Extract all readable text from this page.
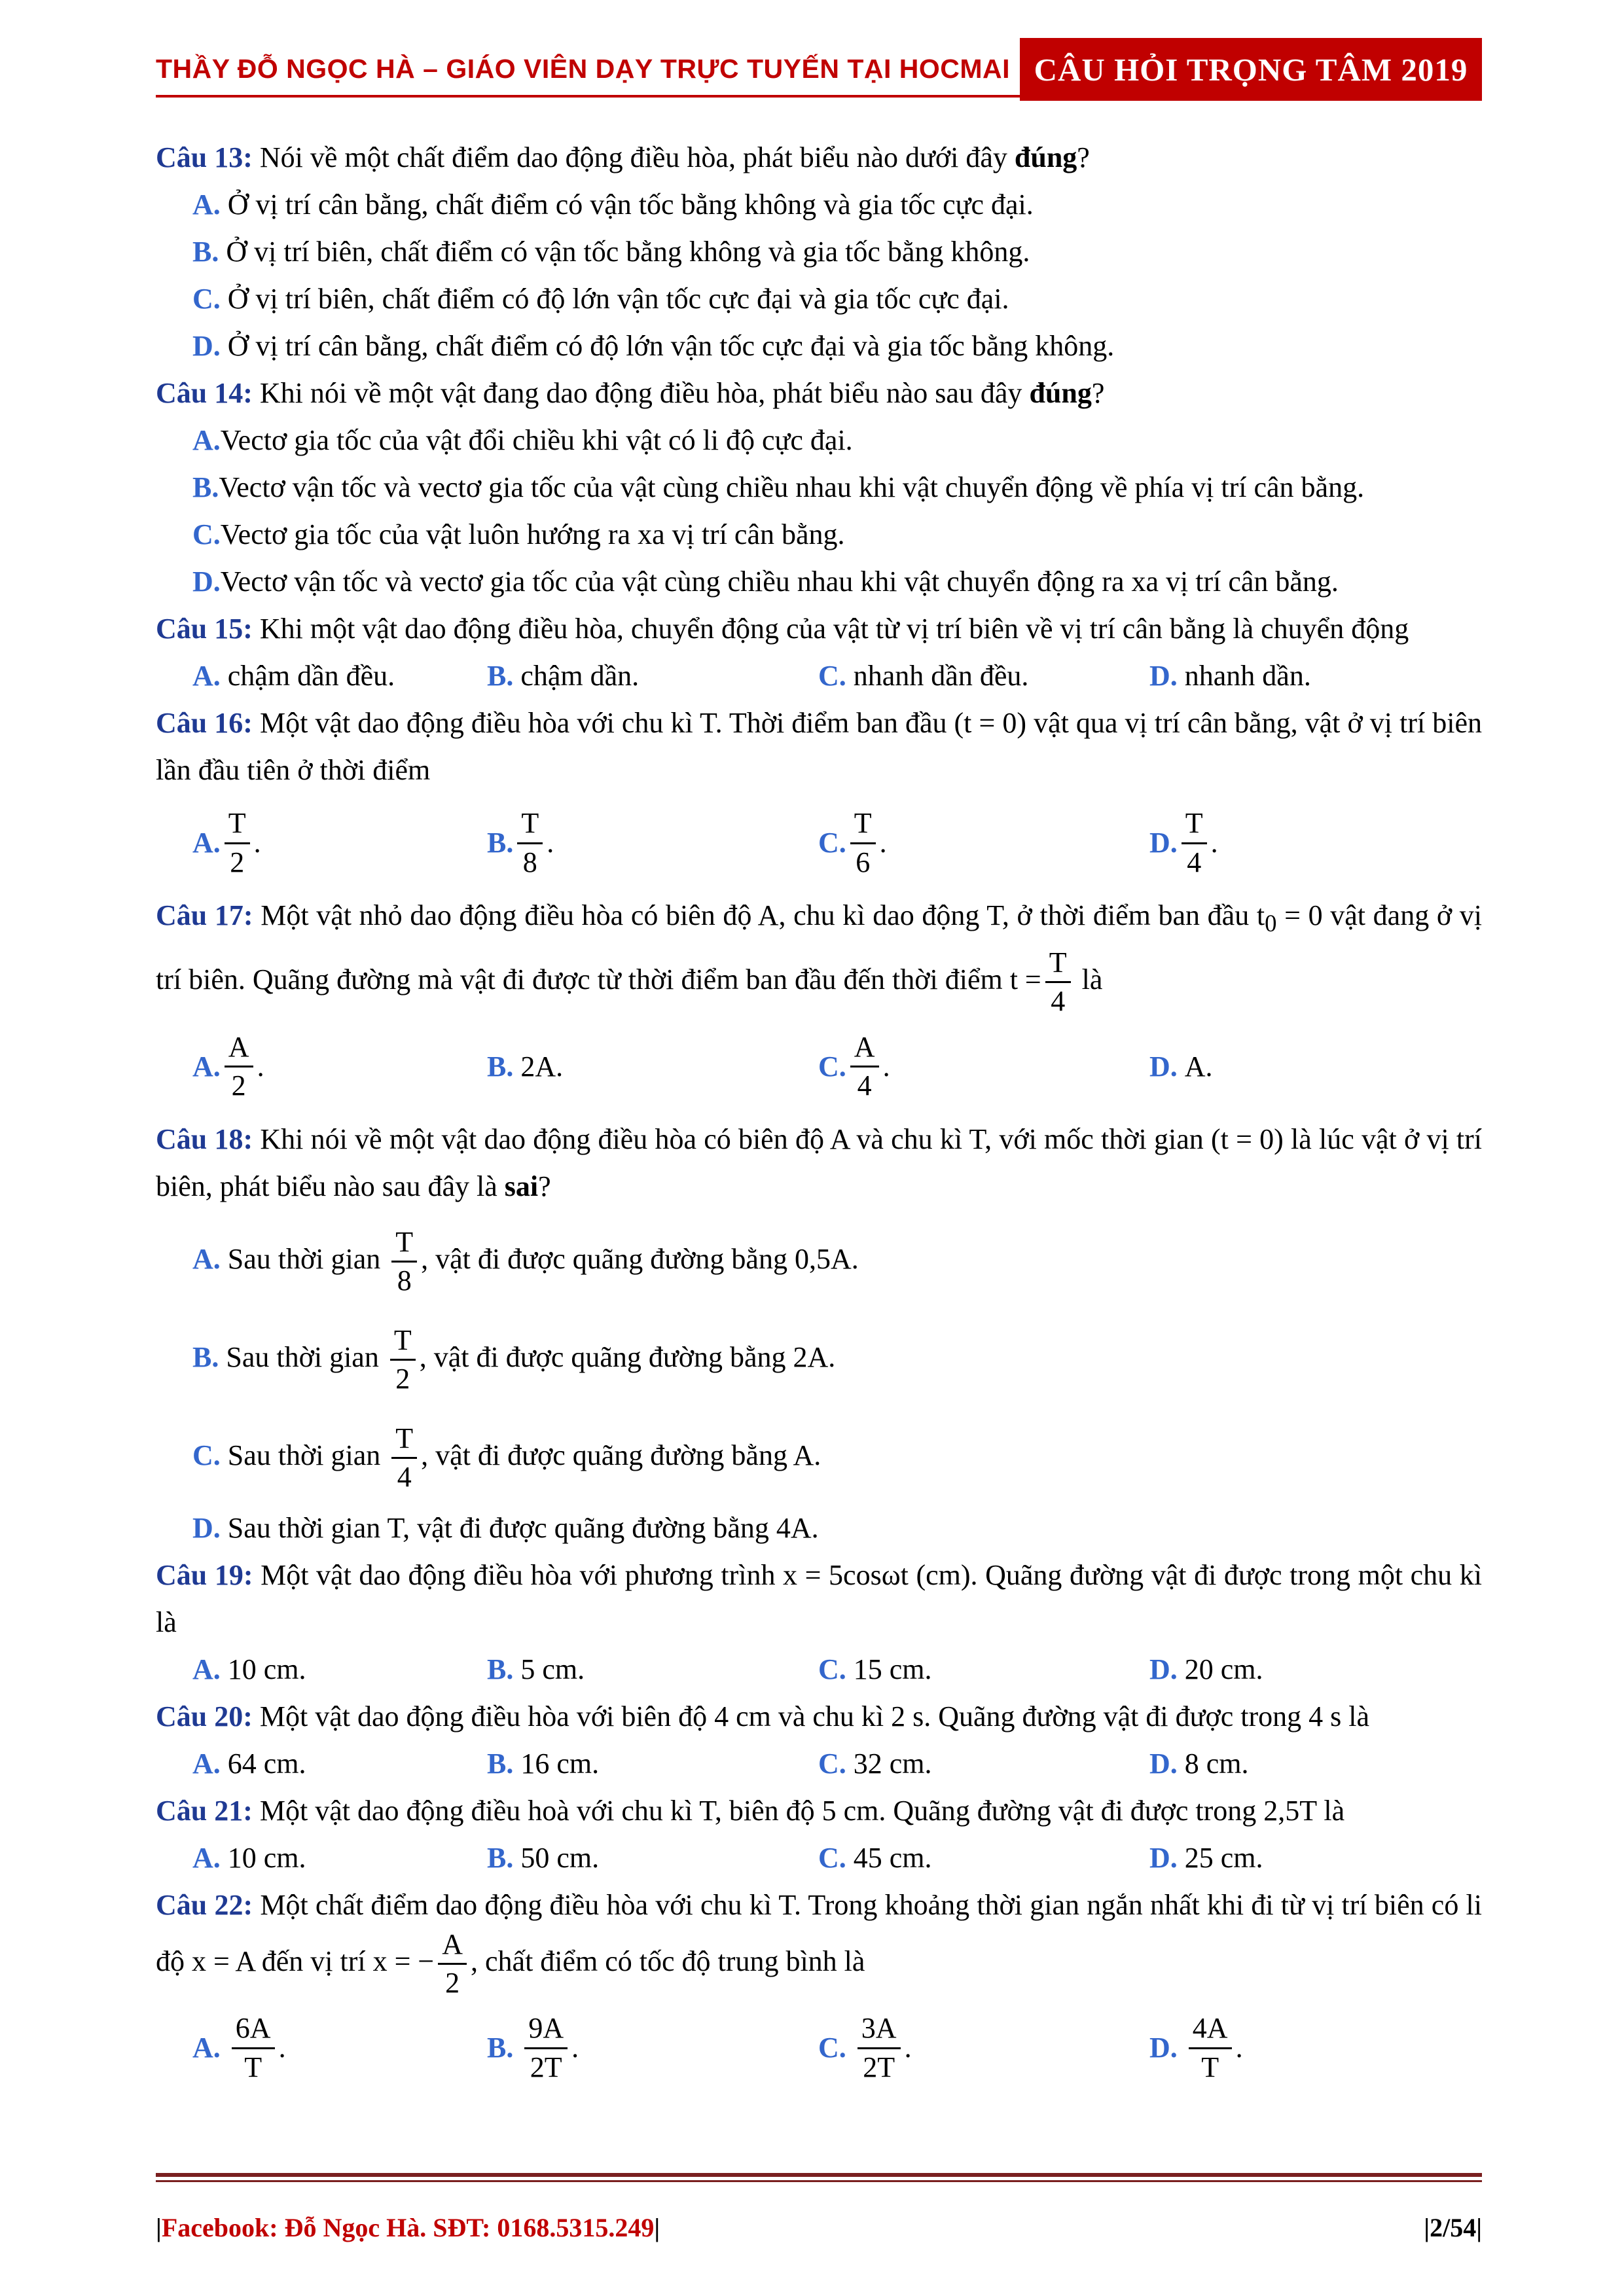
THẦY ĐỖ NGỌC HÀ – GIÁO VIÊN DẠY TRỰC TUYẾN TẠI HOCMAI CÂU HỎI TRỌNG TÂM 2019
Câu 13: Nói về một chất điểm dao động điều hòa, phát biểu nào dưới đây đúng?
A. Ở vị trí cân bằng, chất điểm có vận tốc bằng không và gia tốc cực đại.
B. Ở vị trí biên, chất điểm có vận tốc bằng không và gia tốc bằng không.
C. Ở vị trí biên, chất điểm có độ lớn vận tốc cực đại và gia tốc cực đại.
D. Ở vị trí cân bằng, chất điểm có độ lớn vận tốc cực đại và gia tốc bằng không.
Câu 14: Khi nói về một vật đang dao động điều hòa, phát biểu nào sau đây đúng?
A.Vectơ gia tốc của vật đổi chiều khi vật có li độ cực đại.
B.Vectơ vận tốc và vectơ gia tốc của vật cùng chiều nhau khi vật chuyển động về phía vị trí cân bằng.
C.Vectơ gia tốc của vật luôn hướng ra xa vị trí cân bằng.
D.Vectơ vận tốc và vectơ gia tốc của vật cùng chiều nhau khi vật chuyển động ra xa vị trí cân bằng.
Câu 15: Khi một vật dao động điều hòa, chuyển động của vật từ vị trí biên về vị trí cân bằng là chuyển động
A.
chậm dần đều.	B.
chậm dần.	C.
nhanh dần đều.	D.
nhanh dần.
Câu 16: Một vật dao động điều hòa với chu kì T. Thời điểm ban đầu (t = 0) vật qua vị trí cân bằng, vật ở vị trí biên lần đầu tiên ở thời điểm
A. $\frac{T}{2}$ .	B. $\frac{T}{8}$ .	C. $\frac{T}{6}$ .	D. $\frac{T}{4}$ .
Câu 17: Một vật nhỏ dao động điều hòa có biên độ A, chu kì dao động T, ở thời điểm ban đầu $t_0 = 0$ vật đang ở vị trí biên. Quãng đường mà vật đi được từ thời điểm ban đầu đến thời điểm $t = \frac{T}{4}$ là
A. $\frac{A}{2}$ .	B.
2A.	C. $\frac{A}{4}$ .	D.
A.
Câu 18: Khi nói về một vật dao động điều hòa có biên độ A và chu kì T, với mốc thời gian (t = 0) là lúc vật ở vị trí biên, phát biểu nào sau đây là sai?
A. Sau thời gian $\frac{T}{8}$ , vật đi được quãng đường bằng 0,5A.
B. Sau thời gian $\frac{T}{2}$ , vật đi được quãng đường bằng 2A.
C. Sau thời gian $\frac{T}{4}$ , vật đi được quãng đường bằng A.
D. Sau thời gian T, vật đi được quãng đường bằng 4A.
Câu 19: Một vật dao động điều hòa với phương trình x = 5cosωt (cm). Quãng đường vật đi được trong một chu kì là
A.
10 cm.	B.
5 cm.	C.
15 cm.	D.
20 cm.
Câu 20: Một vật dao động điều hòa với biên độ 4 cm và chu kì 2 s. Quãng đường vật đi được trong 4 s là
A.
64 cm.	B.
16 cm.	C.
32 cm.	D.
8 cm.
Câu 21: Một vật dao động điều hoà với chu kì T, biên độ 5 cm. Quãng đường vật đi được trong 2,5T là
A.
10 cm.	B.
50 cm.	C.
45 cm.	D.
25 cm.
Câu 22: Một chất điểm dao động điều hòa với chu kì T. Trong khoảng thời gian ngắn nhất khi đi từ vị trí biên có li độ x = A đến vị trí x = − $\frac{A}{2}$ , chất điểm có tốc độ trung bình là
A.
$\frac{6A}{T}$ .	B.
$\frac{9A}{2T}$ .	C.
$\frac{3A}{2T}$ .	D.
$\frac{4A}{T}$ .
|Facebook: Đỗ Ngọc Hà. SĐT: 0168.5315.249|	|2/54|
